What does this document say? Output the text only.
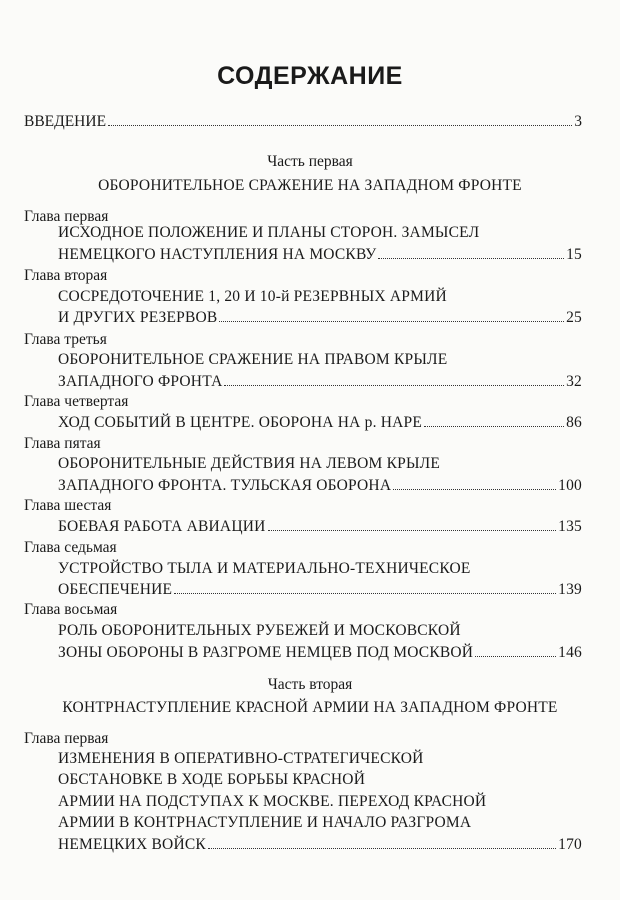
СОДЕРЖАНИЕ
ВВЕДЕНИЕ	3
Часть первая
ОБОРОНИТЕЛЬНОЕ СРАЖЕНИЕ НА ЗАПАДНОМ ФРОНТЕ
Глава первая
ИСХОДНОЕ ПОЛОЖЕНИЕ И ПЛАНЫ СТОРОН. ЗАМЫСЕЛ
НЕМЕЦКОГО НАСТУПЛЕНИЯ НА МОСКВУ	15
Глава вторая
СОСРЕДОТОЧЕНИЕ 1, 20 И 10-й РЕЗЕРВНЫХ АРМИЙ
И ДРУГИХ РЕЗЕРВОВ	25
Глава третья
ОБОРОНИТЕЛЬНОЕ СРАЖЕНИЕ НА ПРАВОМ КРЫЛЕ
ЗАПАДНОГО ФРОНТА	32
Глава четвертая
ХОД СОБЫТИЙ В ЦЕНТРЕ. ОБОРОНА НА р. НАРЕ	86
Глава пятая
ОБОРОНИТЕЛЬНЫЕ ДЕЙСТВИЯ НА ЛЕВОМ КРЫЛЕ
ЗАПАДНОГО ФРОНТА. ТУЛЬСКАЯ ОБОРОНА	100
Глава шестая
БОЕВАЯ РАБОТА АВИАЦИИ	135
Глава седьмая
УСТРОЙСТВО ТЫЛА И МАТЕРИАЛЬНО-ТЕХНИЧЕСКОЕ
ОБЕСПЕЧЕНИЕ	139
Глава восьмая
РОЛЬ ОБОРОНИТЕЛЬНЫХ РУБЕЖЕЙ И МОСКОВСКОЙ
ЗОНЫ ОБОРОНЫ В РАЗГРОМЕ НЕМЦЕВ ПОД МОСКВОЙ	146
Часть вторая
КОНТРНАСТУПЛЕНИЕ КРАСНОЙ АРМИИ НА ЗАПАДНОМ ФРОНТЕ
Глава первая
ИЗМЕНЕНИЯ В ОПЕРАТИВНО-СТРАТЕГИЧЕСКОЙ
ОБСТАНОВКЕ В ХОДЕ БОРЬБЫ КРАСНОЙ
АРМИИ НА ПОДСТУПАХ К МОСКВЕ. ПЕРЕХОД КРАСНОЙ
АРМИИ В КОНТРНАСТУПЛЕНИЕ И НАЧАЛО РАЗГРОМА
НЕМЕЦКИХ ВОЙСК	170
